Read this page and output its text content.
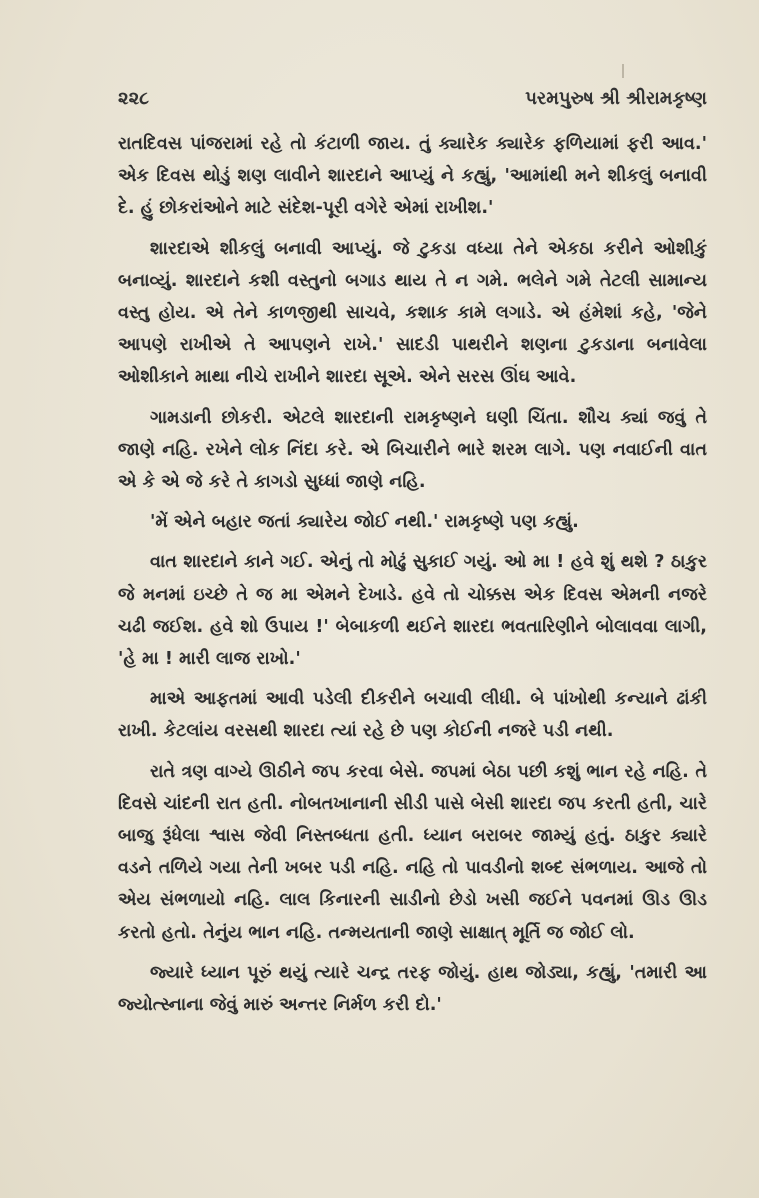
૨૨૮	પરમપુરુષ શ્રી શ્રીરામકૃષ્ણ

રાતદિવસ પાંજરામાં રહે તો કંટાળી જાય. તું ક્યારેક ક્યારેક ફળિયામાં ફરી આવ.' એક દિવસ થોડું શણ લાવીને શારદાને આપ્યું ને કહ્યું, 'આમાંથી મને શીકલું બનાવી દે. હું છોકરાંઓને માટે સંદેશ-પૂરી વગેરે એમાં રાખીશ.'

શારદાએ શીકલું બનાવી આપ્યું. જે ટુકડા વધ્યા તેને એકઠા કરીને ઓશીકું બનાવ્યું. શારદાને કશી વસ્તુનો બગાડ થાય તે ન ગમે. ભલેને ગમે તેટલી સામાન્ય વસ્તુ હોય. એ તેને કાળજીથી સાચવે, કશાક કામે લગાડે. એ હંમેશાં કહે, 'જેને આપણે રાખીએ તે આપણને રાખે.' સાદડી પાથરીને શણના ટુકડાના બનાવેલા ઓશીકાને માથા નીચે રાખીને શારદા સૂએ. એને સરસ ઊંઘ આવે.

ગામડાની છોકરી. એટલે શારદાની રામકૃષ્ણને ઘણી ચિંતા. શૌચ ક્યાં જવું તે જાણે નહિ. રખેને લોક નિંદા કરે. એ બિચારીને ભારે શરમ લાગે. પણ નવાઈની વાત એ કે એ જે કરે તે કાગડો સુધ્ધાં જાણે નહિ.

'મેં એને બહાર જતાં ક્યારેય જોઈ નથી.' રામકૃષ્ણે પણ કહ્યું.

વાત શારદાને કાને ગઈ. એનું તો મોઢું સુકાઈ ગયું. ઓ મા ! હવે શું થશે ? ઠાકુર જે મનમાં ઇચ્છે તે જ મા એમને દેખાડે. હવે તો ચોક્કસ એક દિવસ એમની નજરે ચઢી જઈશ. હવે શો ઉપાય !' બેબાકળી થઈને શારદા ભવતારિણીને બોલાવવા લાગી, 'હે મા ! મારી લાજ રાખો.'

માએ આફતમાં આવી પડેલી દીકરીને બચાવી લીધી. બે પાંખોથી કન્યાને ઢાંકી રાખી. કેટલાંય વરસથી શારદા ત્યાં રહે છે પણ કોઈની નજરે પડી નથી.

રાતે ત્રણ વાગ્યે ઊઠીને જપ કરવા બેસે. જપમાં બેઠા પછી કશું ભાન રહે નહિ. તે દિવસે ચાંદની રાત હતી. નોબતખાનાની સીડી પાસે બેસી શારદા જપ કરતી હતી, ચારે બાજુ રૂંધેલા શ્વાસ જેવી નિસ્તબ્ધતા હતી. ધ્યાન બરાબર જામ્યું હતું. ઠાકુર ક્યારે વડને તળિયે ગયા તેની ખબર પડી નહિ. નહિ તો પાવડીનો શબ્દ સંભળાય. આજે તો એય સંભળાયો નહિ. લાલ કિનારની સાડીનો છેડો ખસી જઈને પવનમાં ઊડ ઊડ કરતો હતો. તેનુંય ભાન નહિ. તન્મયતાની જાણે સાક્ષાત્ મૂર્તિ જ જોઈ લો.

જ્યારે ધ્યાન પૂરું થયું ત્યારે ચન્દ્ર તરફ જોયું. હાથ જોડ્યા, કહ્યું, 'તમારી આ જ્યોત્સ્નાના જેવું મારું અન્તર નિર્મળ કરી દો.'
